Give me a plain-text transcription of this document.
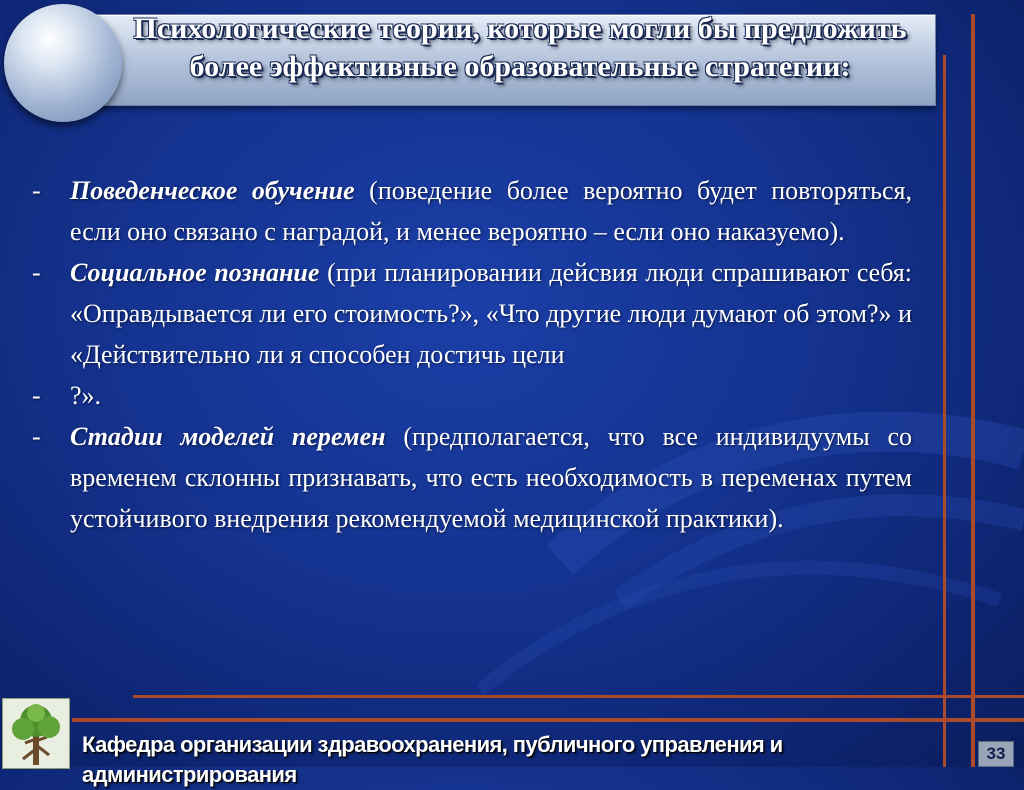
Психологические теории, которые могли бы предложить более эффективные образовательные стратегии:
- Поведенческое обучение (поведение более вероятно будет повторяться, если оно связано с наградой, и менее вероятно – если оно наказуемо).
- Социальное познание (при планировании дейсвия люди спрашивают себя: «Оправдывается ли его стоимость?», «Что другие люди думают об этом?» и «Действительно ли я способен достичь цели
- ?».
- Стадии моделей перемен (предполагается, что все индивидуумы со временем склонны признавать, что есть необходимость в переменах путем устойчивого внедрения рекомендуемой медицинской практики).
Кафедра организации здравоохранения, публичного управления и администрирования
33
